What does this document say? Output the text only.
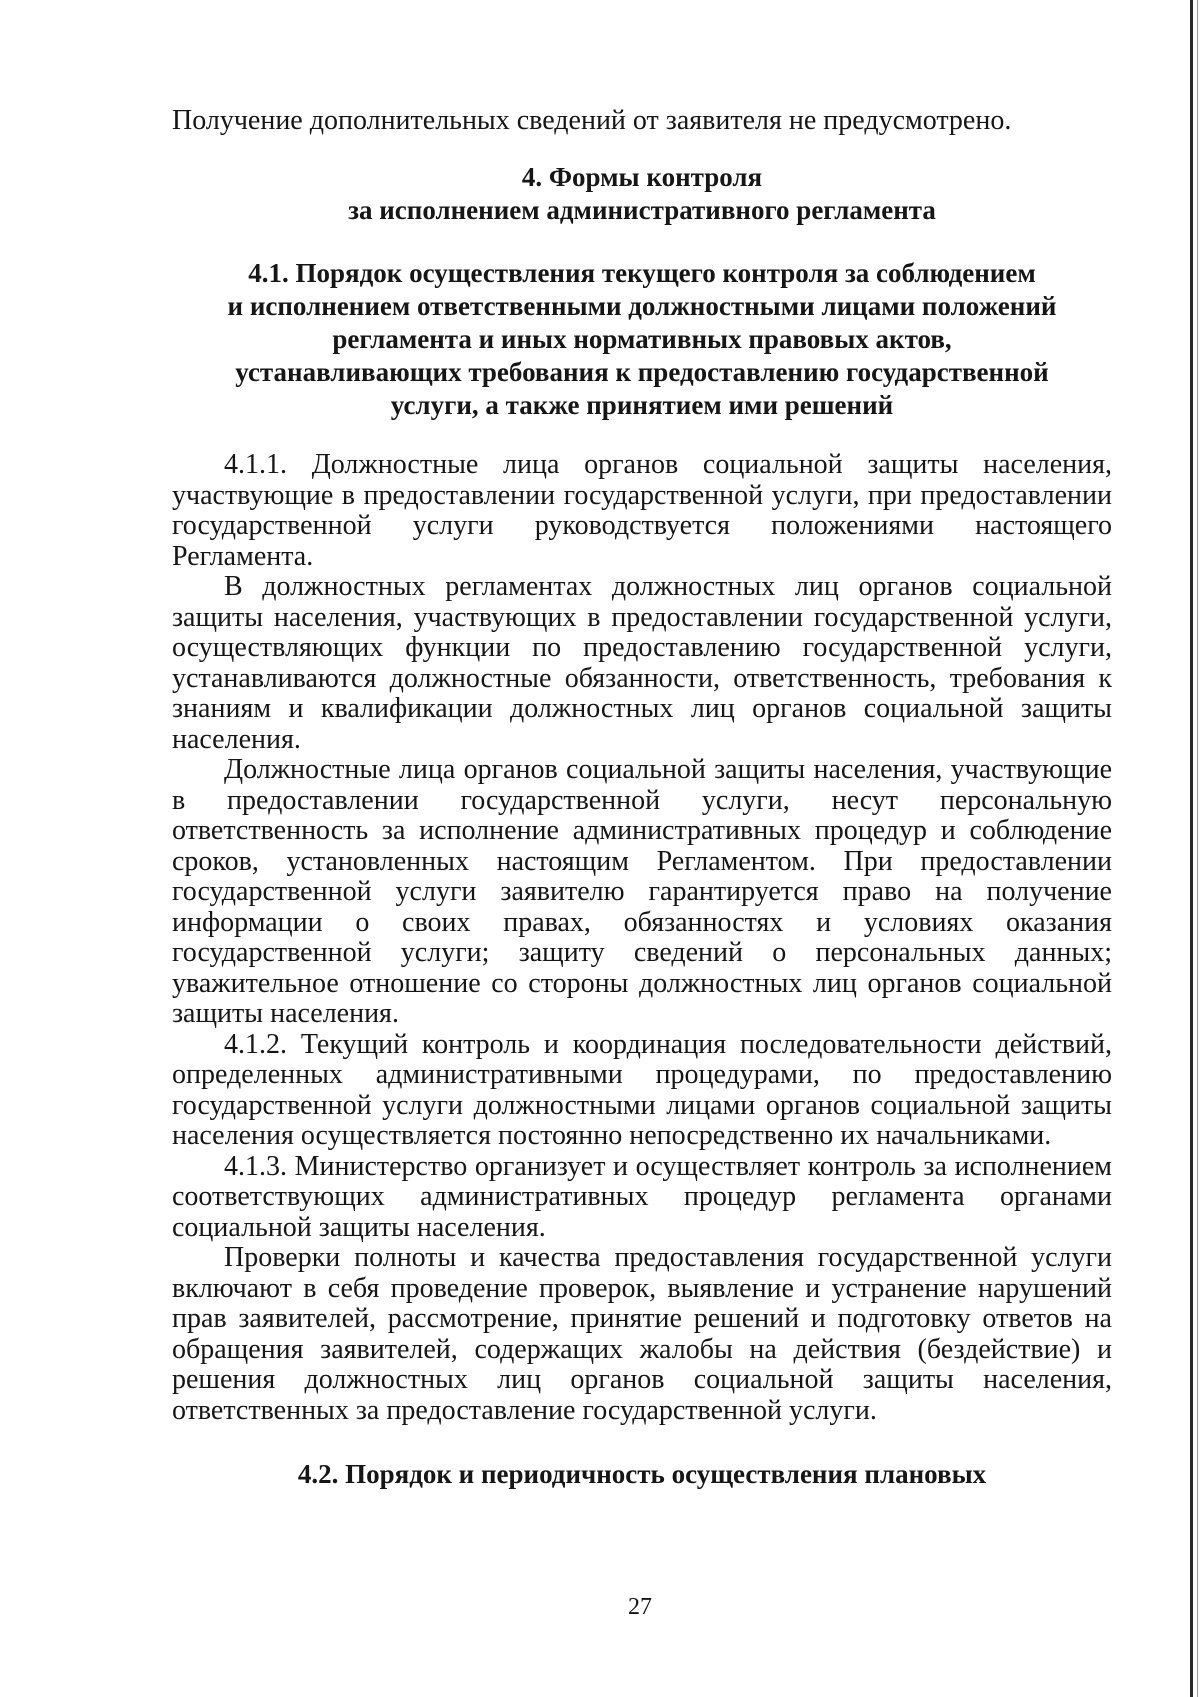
Получение дополнительных сведений от заявителя не предусмотрено.

4. Формы контроля
за исполнением административного регламента
4.1. Порядок осуществления текущего контроля за соблюдением
и исполнением ответственными должностными лицами положений
регламента и иных нормативных правовых актов,
устанавливающих требования к предоставлению государственной
услуги, а также принятием ими решений

4.1.1. Должностные лица органов социальной защиты населения, участвующие в предоставлении государственной услуги, при предоставлении государственной услуги руководствуется положениями настоящего Регламента.

В должностных регламентах должностных лиц органов социальной защиты населения, участвующих в предоставлении государственной услуги, осуществляющих функции по предоставлению государственной услуги, устанавливаются должностные обязанности, ответственность, требования к знаниям и квалификации должностных лиц органов социальной защиты населения.

Должностные лица органов социальной защиты населения, участвующие в предоставлении государственной услуги, несут персональную ответственность за исполнение административных процедур и соблюдение сроков, установленных настоящим Регламентом. При предоставлении государственной услуги заявителю гарантируется право на получение информации о своих правах, обязанностях и условиях оказания государственной услуги; защиту сведений о персональных данных; уважительное отношение со стороны должностных лиц органов социальной защиты населения.

4.1.2. Текущий контроль и координация последовательности действий, определенных административными процедурами, по предоставлению государственной услуги должностными лицами органов социальной защиты населения осуществляется постоянно непосредственно их начальниками.

4.1.3. Министерство организует и осуществляет контроль за исполнением соответствующих административных процедур регламента органами социальной защиты населения.

Проверки полноты и качества предоставления государственной услуги включают в себя проведение проверок, выявление и устранение нарушений прав заявителей, рассмотрение, принятие решений и подготовку ответов на обращения заявителей, содержащих жалобы на действия (бездействие) и решения должностных лиц органов социальной защиты населения, ответственных за предоставление государственной услуги.

4.2. Порядок и периодичность осуществления плановых
27
